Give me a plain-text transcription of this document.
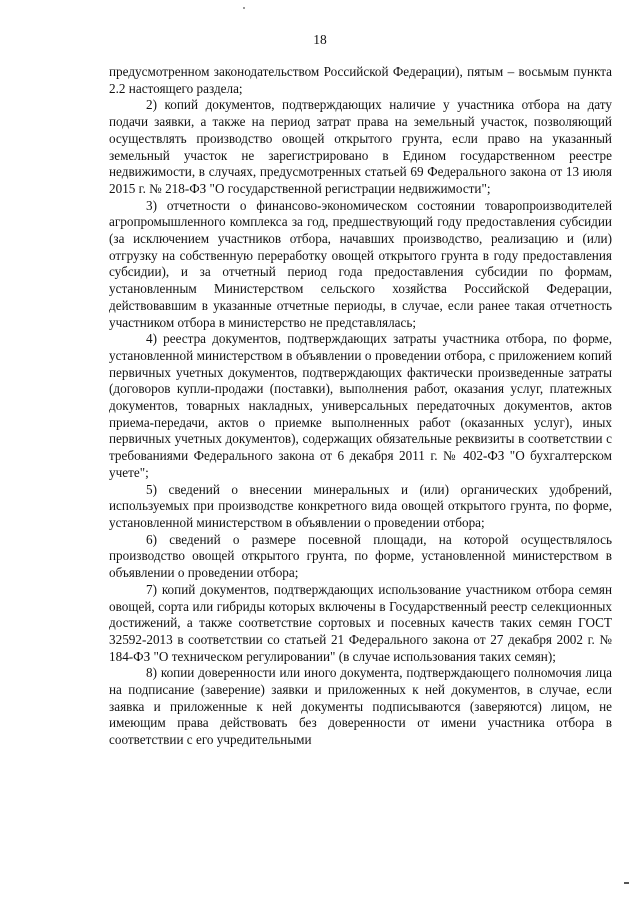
18

предусмотренном законодательством Российской Федерации), пятым – восьмым пункта 2.2 настоящего раздела;

2) копий документов, подтверждающих наличие у участника отбора на дату подачи заявки, а также на период затрат права на земельный участок, позволяющий осуществлять производство овощей открытого грунта, если право на указанный земельный участок не зарегистрировано в Едином государственном реестре недвижимости, в случаях, предусмотренных статьей 69 Федерального закона от 13 июля 2015 г. № 218-ФЗ "О государственной регистрации недвижимости";

3) отчетности о финансово-экономическом состоянии товаропроизводителей агропромышленного комплекса за год, предшествующий году предоставления субсидии (за исключением участников отбора, начавших производство, реализацию и (или) отгрузку на собственную переработку овощей открытого грунта в году предоставления субсидии), и за отчетный период года предоставления субсидии по формам, установленным Министерством сельского хозяйства Российской Федерации, действовавшим в указанные отчетные периоды, в случае, если ранее такая отчетность участником отбора в министерство не представлялась;

4) реестра документов, подтверждающих затраты участника отбора, по форме, установленной министерством в объявлении о проведении отбора, с приложением копий первичных учетных документов, подтверждающих фактически произведенные затраты (договоров купли-продажи (поставки), выполнения работ, оказания услуг, платежных документов, товарных накладных, универсальных передаточных документов, актов приема-передачи, актов о приемке выполненных работ (оказанных услуг), иных первичных учетных документов), содержащих обязательные реквизиты в соответствии с требованиями Федерального закона от 6 декабря 2011 г. № 402-ФЗ "О бухгалтерском учете";

5) сведений о внесении минеральных и (или) органических удобрений, используемых при производстве конкретного вида овощей открытого грунта, по форме, установленной министерством в объявлении о проведении отбора;

6) сведений о размере посевной площади, на которой осуществлялось производство овощей открытого грунта, по форме, установленной министерством в объявлении о проведении отбора;

7) копий документов, подтверждающих использование участником отбора семян овощей, сорта или гибриды которых включены в Государственный реестр селекционных достижений, а также соответствие сортовых и посевных качеств таких семян ГОСТ 32592-2013 в соответствии со статьей 21 Федерального закона от 27 декабря 2002 г. № 184-ФЗ "О техническом регулировании" (в случае использования таких семян);

8) копии доверенности или иного документа, подтверждающего полномочия лица на подписание (заверение) заявки и приложенных к ней документов, в случае, если заявка и приложенные к ней документы подписываются (заверяются) лицом, не имеющим права действовать без доверенности от имени участника отбора в соответствии с его учредительными
